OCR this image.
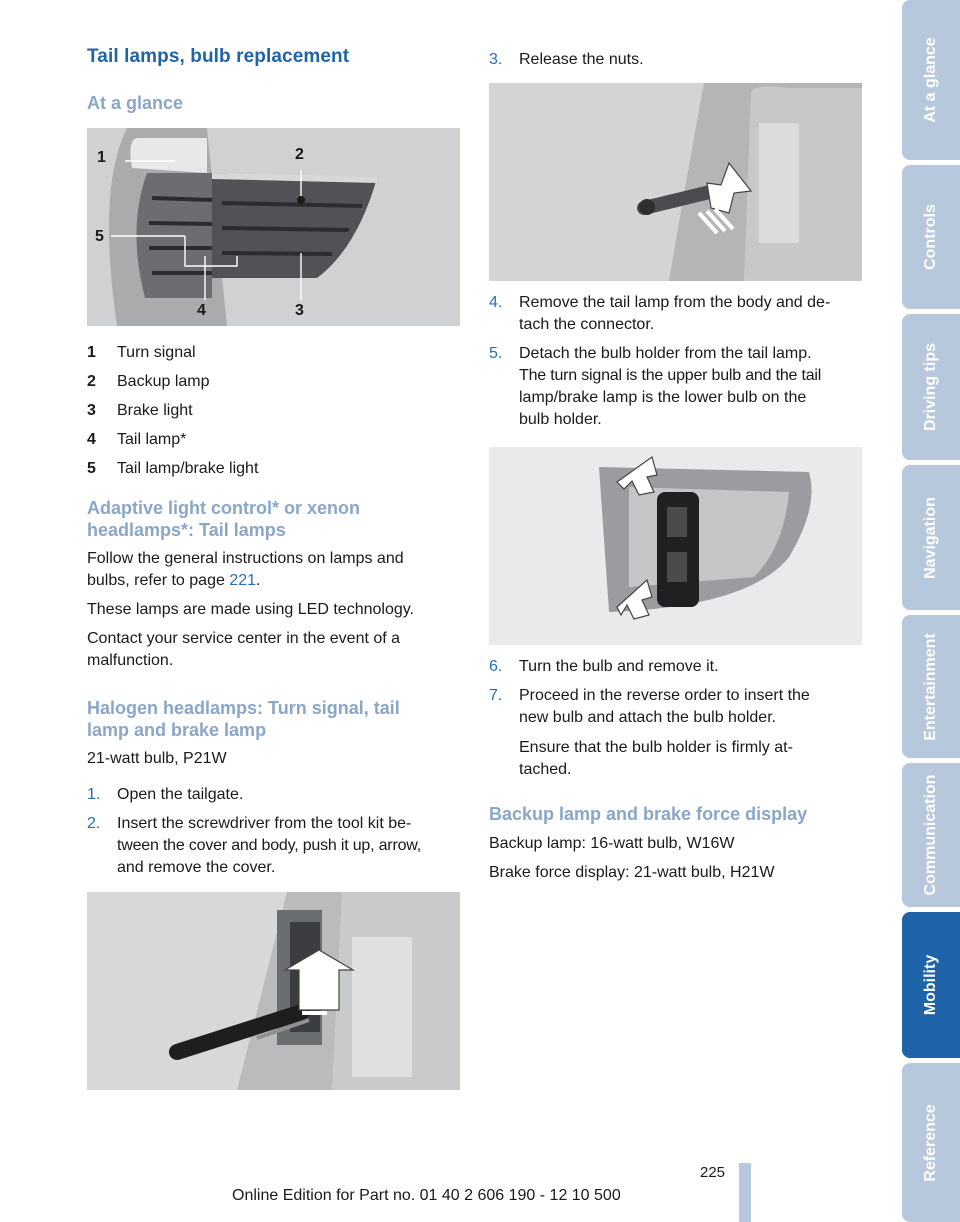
Tail lamps, bulb replacement
At a glance
1	2
5
4	3
1	Turn signal
2	Backup lamp
3	Brake light
4	Tail lamp*
5	Tail lamp/brake light
Adaptive light control* or xenon
headlamps*: Tail lamps
Follow the general instructions on lamps and
bulbs, refer to page 221.
These lamps are made using LED technology.
Contact your service center in the event of a
malfunction.
Halogen headlamps: Turn signal, tail
lamp and brake lamp
21-watt bulb, P21W
1.	Open the tailgate.
2.	Insert the screwdriver from the tool kit be-
tween the cover and body, push it up, arrow,
and remove the cover.
3.	Release the nuts.
4.	Remove the tail lamp from the body and de-
tach the connector.
5.	Detach the bulb holder from the tail lamp.
The turn signal is the upper bulb and the tail
lamp/brake lamp is the lower bulb on the
bulb holder.
6.	Turn the bulb and remove it.
7.	Proceed in the reverse order to insert the
new bulb and attach the bulb holder.
Ensure that the bulb holder is firmly at-
tached.
Backup lamp and brake force display
Backup lamp: 16-watt bulb, W16W
Brake force display: 21-watt bulb, H21W
At a glance
Controls
Driving tips
Navigation
Entertainment
Communication
Mobility
Reference
225
Online Edition for Part no. 01 40 2 606 190 - 12 10 500
